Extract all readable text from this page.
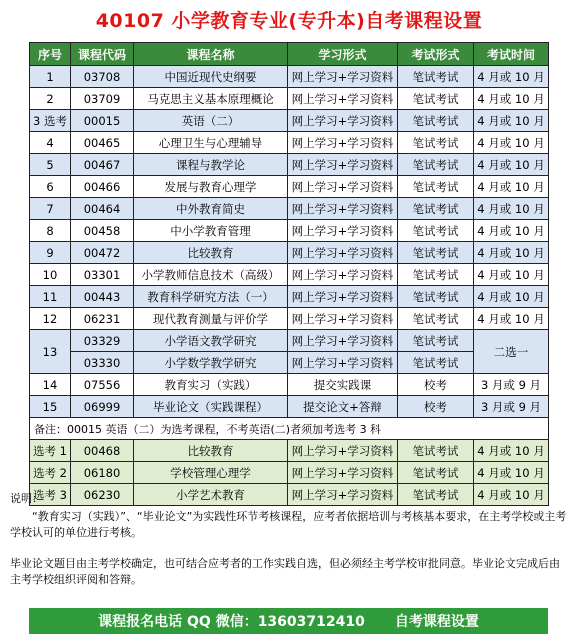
40107 小学教育专业(专升本)自考课程设置
序号	课程代码	课程名称	学习形式	考试形式	考试时间
1	03708	中国近现代史纲要	网上学习+学习资料	笔试考试	4 月或 10 月
2	03709	马克思主义基本原理概论	网上学习+学习资料	笔试考试	4 月或 10 月
3 选考	00015	英语（二）	网上学习+学习资料	笔试考试	4 月或 10 月
4	00465	心理卫生与心理辅导	网上学习+学习资料	笔试考试	4 月或 10 月
5	00467	课程与教学论	网上学习+学习资料	笔试考试	4 月或 10 月
6	00466	发展与教育心理学	网上学习+学习资料	笔试考试	4 月或 10 月
7	00464	中外教育简史	网上学习+学习资料	笔试考试	4 月或 10 月
8	00458	中小学教育管理	网上学习+学习资料	笔试考试	4 月或 10 月
9	00472	比较教育	网上学习+学习资料	笔试考试	4 月或 10 月
10	03301	小学教师信息技术（高级）	网上学习+学习资料	笔试考试	4 月或 10 月
11	00443	教育科学研究方法（一）	网上学习+学习资料	笔试考试	4 月或 10 月
12	06231	现代教育测量与评价学	网上学习+学习资料	笔试考试	4 月或 10 月
13	03329	小学语文教学研究	网上学习+学习资料	笔试考试	二选一
	03330	小学数学教学研究	网上学习+学习资料	笔试考试	
14	07556	教育实习（实践）	提交实践课	校考	3 月或 9 月
15	06999	毕业论文（实践课程）	提交论文+答辩	校考	3 月或 9 月
备注：00015 英语（二）为选考课程，不考英语(二)者须加考选考 3 科					
选考 1	00468	比较教育	网上学习+学习资料	笔试考试	4 月或 10 月
选考 2	06180	学校管理心理学	网上学习+学习资料	笔试考试	4 月或 10 月
选考 3	06230	小学艺术教育	网上学习+学习资料	笔试考试	4 月或 10 月
说明：
“教育实习（实践）”、“毕业论文”为实践性环节考核课程，应考者依据培训与考核基本要求，在主考学校或主考学校认可的单位进行考核。
毕业论文题目由主考学校确定，也可结合应考者的工作实践自选，但必须经主考学校审批同意。毕业论文完成后由主考学校组织评阅和答辩。
课程报名电话 QQ 微信：13603712410 自考课程设置
